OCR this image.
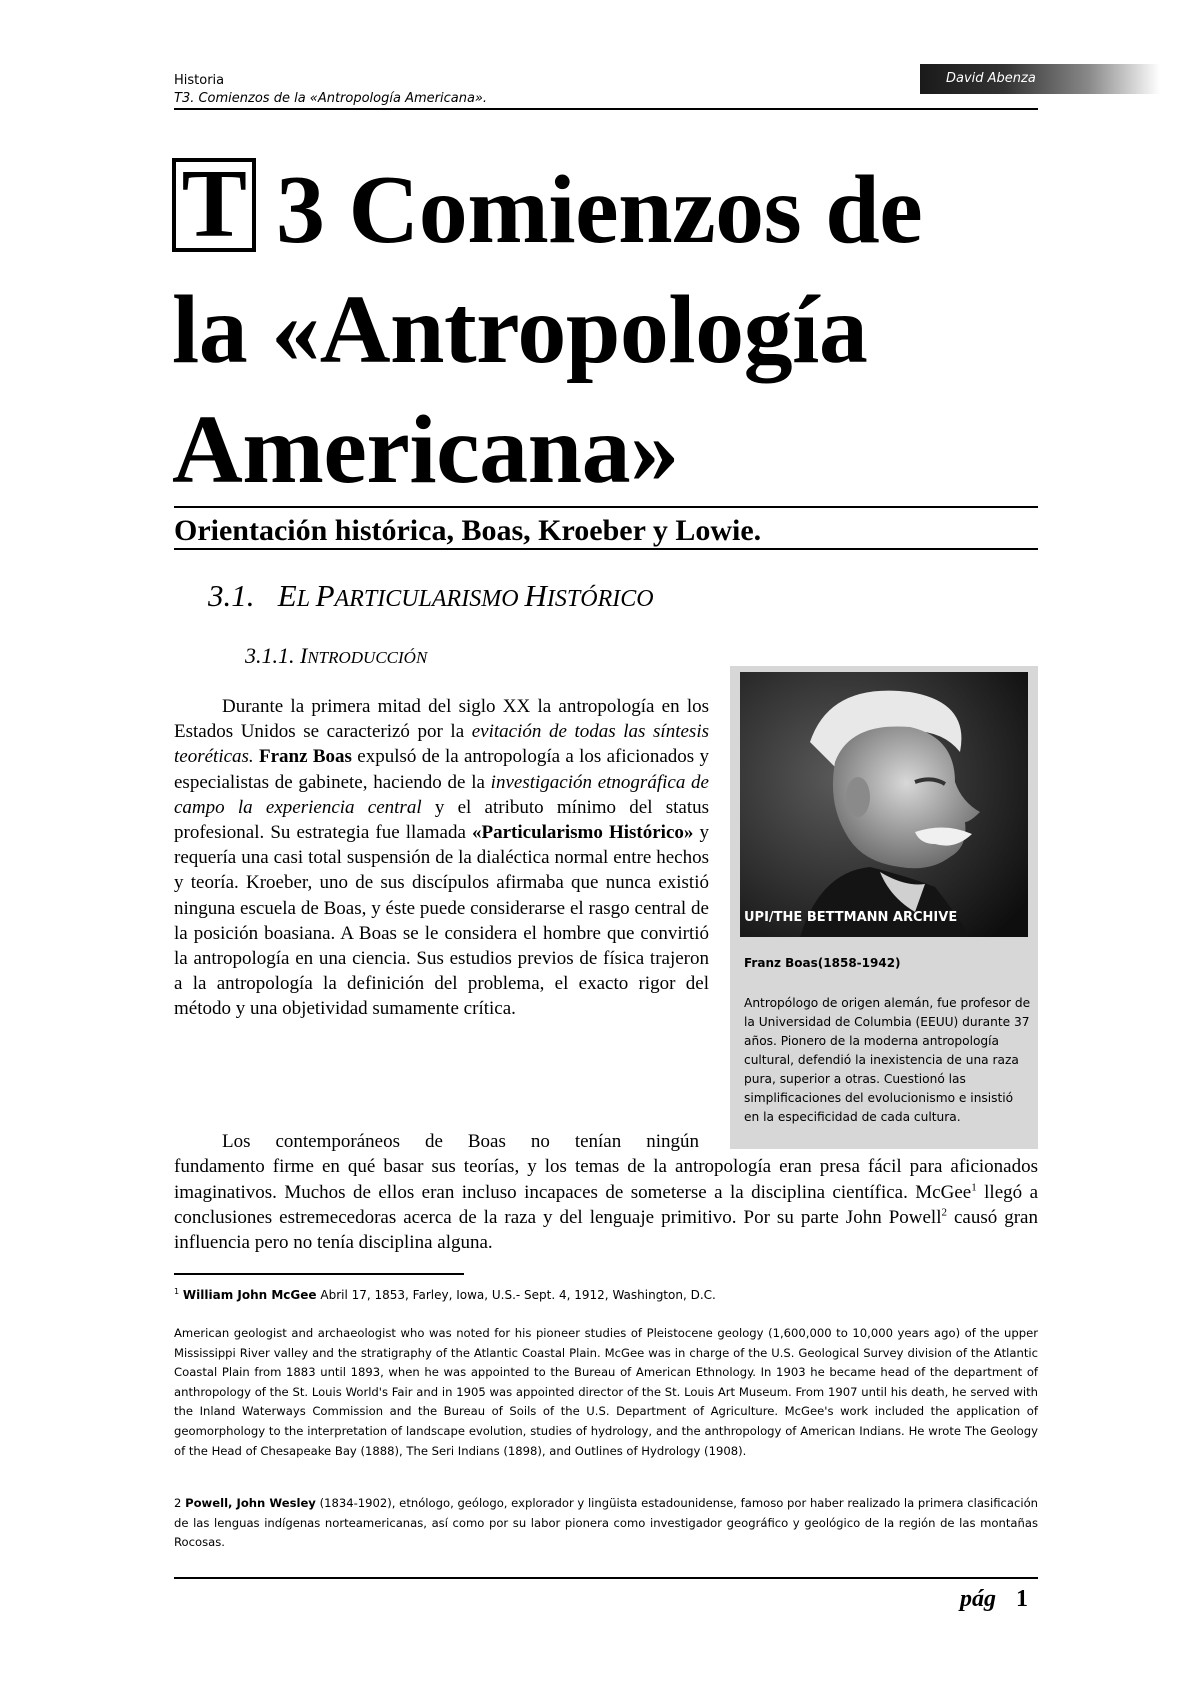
Historia
T3. Comienzos de la «Antropología Americana».
David Abenza
T 3 Comienzos de
la «Antropología
Americana»
Orientación histórica, Boas, Kroeber y Lowie.
3.1. EL PARTICULARISMO HISTÓRICO
3.1.1. INTRODUCCIÓN
Durante la primera mitad del siglo XX la antropología en los Estados Unidos se caracterizó por la evitación de todas las síntesis teoréticas. Franz Boas expulsó de la antropología a los aficionados y especialistas de gabinete, haciendo de la investigación etnográfica de campo la experiencia central y el atributo mínimo del status profesional. Su estrategia fue llamada «Particularismo Histórico» y requería una casi total suspensión de la dialéctica normal entre hechos y teoría. Kroeber, uno de sus discípulos afirmaba que nunca existió ninguna escuela de Boas, y éste puede considerarse el rasgo central de la posición boasiana. A Boas se le considera el hombre que convirtió la antropología en una ciencia. Sus estudios previos de física trajeron a la antropología la definición del problema, el exacto rigor del método y una objetividad sumamente crítica.
UPI/THE BETTMANN ARCHIVE
Franz Boas(1858-1942)
Antropólogo de origen alemán, fue profesor de la Universidad de Columbia (EEUU) durante 37 años. Pionero de la moderna antropología cultural, defendió la inexistencia de una raza pura, superior a otras. Cuestionó las simplificaciones del evolucionismo e insistió en la especificidad de cada cultura.
Los contemporáneos de Boas no tenían ningún
fundamento firme en qué basar sus teorías, y los temas de la antropología eran presa fácil para aficionados imaginativos. Muchos de ellos eran incluso incapaces de someterse a la disciplina científica. McGee$^1$ llegó a conclusiones estremecedoras acerca de la raza y del lenguaje primitivo. Por su parte John Powell$^2$ causó gran influencia pero no tenía disciplina alguna.
$^1$ William John McGee Abril 17, 1853, Farley, Iowa, U.S.- Sept. 4, 1912, Washington, D.C.
American geologist and archaeologist who was noted for his pioneer studies of Pleistocene geology (1,600,000 to 10,000 years ago) of the upper Mississippi River valley and the stratigraphy of the Atlantic Coastal Plain. McGee was in charge of the U.S. Geological Survey division of the Atlantic Coastal Plain from 1883 until 1893, when he was appointed to the Bureau of American Ethnology. In 1903 he became head of the department of anthropology of the St. Louis World's Fair and in 1905 was appointed director of the St. Louis Art Museum. From 1907 until his death, he served with the Inland Waterways Commission and the Bureau of Soils of the U.S. Department of Agriculture. McGee's work included the application of geomorphology to the interpretation of landscape evolution, studies of hydrology, and the anthropology of American Indians. He wrote The Geology of the Head of Chesapeake Bay (1888), The Seri Indians (1898), and Outlines of Hydrology (1908).
2 Powell, John Wesley (1834-1902), etnólogo, geólogo, explorador y lingüista estadounidense, famoso por haber realizado la primera clasificación de las lenguas indígenas norteamericanas, así como por su labor pionera como investigador geográfico y geológico de la región de las montañas Rocosas.
pág 1
